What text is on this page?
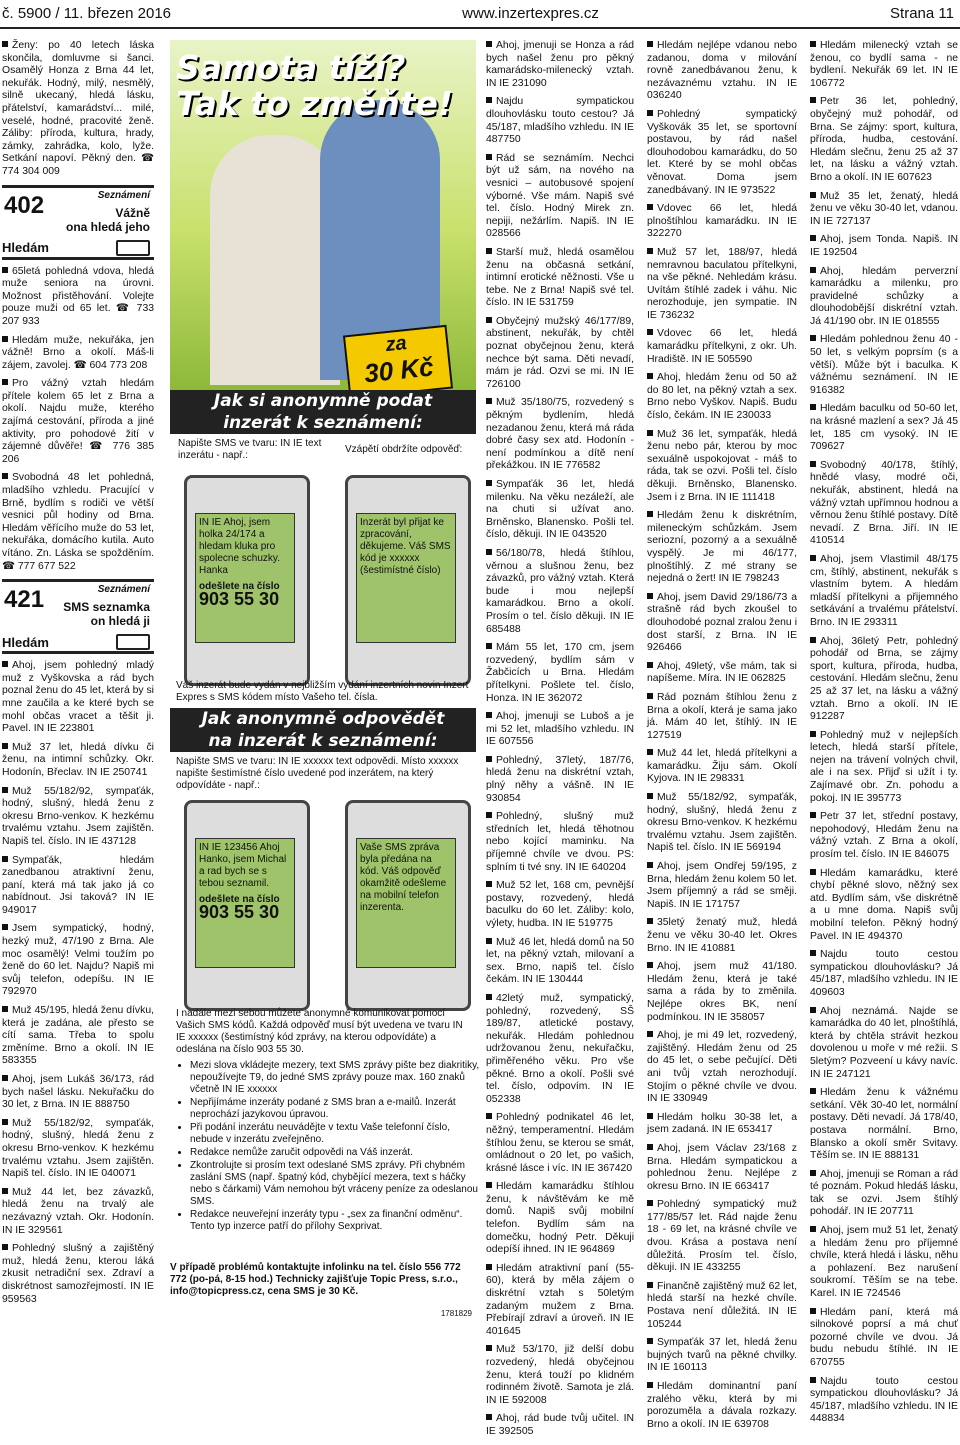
č. 5900 / 11. březen 2016	www.inzertexpres.cz	Strana 11
Ženy: po 40 letech láska skončila, domluvme si šanci. Osamělý Honza z Brna 44 let, nekuřák. Hodný, milý, nesmělý, silně ukecaný, hledá lásku, přátelství, kamarádství... milé, veselé, hodné, pracovité ženě. Záliby: příroda, kultura, hrady, zámky, zahrádka, kolo, lyže. Setkání napoví. Pěkný den. ☎ 774 304 009
402	Seznámení
Vážně
ona hledá jeho
Hledám
65letá pohledná vdova, hledá muže seniora na úrovni. Možnost přistěhování. Volejte pouze muži od 65 let. ☎ 733 207 933
Hledám muže, nekuřáka, jen vážně! Brno a okolí. Máš-li zájem, zavolej. ☎ 604 773 208
Pro vážný vztah hledám přítele kolem 65 let z Brna a okolí. Najdu muže, kterého zajímá cestování, příroda a jiné aktivity, pro pohodové žití v zájemné důvěře! ☎ 776 385 206
Svobodná 48 let pohledná, mladšího vzhledu. Pracující v Brně, bydlím s rodiči ve větší vesnici půl hodiny od Brna. Hledám věřícího muže do 53 let, nekuřáka, domácího kutila. Auto vítáno. Zn. Láska se spožděním. ☎ 777 677 522
421	Seznámení
SMS seznamka
on hledá ji
Hledám
Ahoj, jsem pohledný mladý muž z Vyškovska a rád bych poznal ženu do 45 let, která by si mne zaučila a ke které bych se mohl občas vracet a těšit ji. Pavel. IN IE 223801
Muž 37 let, hledá dívku či ženu, na intimní schůzky. Okr. Hodonín, Břeclav. IN IE 250741
Muž 55/182/92, sympaťák, hodný, slušný, hledá ženu z okresu Brno-venkov. K hezkému trvalému vztahu. Jsem zajištěn. Napiš tel. číslo. IN IE 437128
Sympaťák, hledám zanedbanou atraktivní ženu, paní, která má tak jako já co nabídnout. Jsi taková? IN IE 949017
Jsem sympatický, hodný, hezký muž, 47/190 z Brna. Ale moc osamělý! Velmi toužím po ženě do 60 let. Najdu? Napiš mi svůj telefon, odepíšu. IN IE 792970
Muž 45/195, hledá ženu dívku, která je zadána, ale přesto se cítí sama. Třeba to spolu změníme. Brno a okolí. IN IE 583355
Ahoj, jsem Lukáš 36/173, rád bych našel lásku. Nekuřačku do 30 let, z Brna. IN IE 888750
Muž 55/182/92, sympaťák, hodný, slušný, hledá ženu z okresu Brno-venkov. K hezkému trvalému vztahu. Jsem zajištěn. Napiš tel. číslo. IN IE 040071
Muž 44 let, bez závazků, hledá ženu na trvalý ale nezávazný vztah. Okr. Hodonín. IN IE 329561
Pohledný slušný a zajištěný muž, hledá ženu, kterou láká zkusit netradiční sex. Zdraví a diskrétnost samozřejmostí. IN IE 959563
Samota tíží?
Tak to změňte!
za
30 Kč
Jak si anonymně podat
inzerát k seznámení:
Napište SMS ve tvaru: IN IE text inzerátu - např.:
Vzápětí obdržíte odpověď:
IN IE Ahoj, jsem holka 24/174 a hledam kluka pro spolecne schuzky. Hanka
odešlete na číslo
903 55 30
Inzerát byl přijat ke zpracování, děkujeme. Váš SMS kód je xxxxxx (šestimístné číslo)
Váš inzerát bude vydán v nejbližším vydání inzertních novin Inzert Expres s SMS kódem místo Vašeho tel. čísla.
Jak anonymně odpovědět
na inzerát k seznámení:
Napište SMS ve tvaru: IN IE xxxxxx text odpovědi. Místo xxxxxx napište šestimístné číslo uvedené pod inzerátem, na který odpovídáte - např.:
IN IE 123456 Ahoj Hanko, jsem Michal a rad bych se s tebou seznamil.
odešlete na číslo
903 55 30
Vaše SMS zpráva byla předána na kód. Váš odpověď okamžitě odešleme na mobilní telefon inzerenta.
I nadále mezi sebou můžete anonymně komunikovat pomocí Vašich SMS kódů. Každá odpověď musí být uvedena ve tvaru IN IE xxxxxx (šestimístný kód zprávy, na kterou odpovídáte) a odeslána na číslo 903 55 30.
• Mezi slova vkládejte mezery, text SMS zprávy pište bez diakritiky, nepoužívejte T9, do jedné SMS zprávy pouze max. 160 znaků včetně IN IE xxxxxx
• Nepřijímáme inzeráty podané z SMS bran a e-mailů. Inzerát neprochází jazykovou úpravou.
• Při podání inzerátu neuvádějte v textu Vaše telefonní číslo, nebude v inzerátu zveřejněno.
• Redakce nemůže zaručit odpovědi na Váš inzerát.
• Zkontrolujte si prosím text odeslané SMS zprávy. Při chybném zaslání SMS (např. špatný kód, chybějící mezera, text s háčky nebo s čárkami) Vám nemohou být vráceny peníze za odeslanou SMS.
• Redakce neuveřejní inzeráty typu - „sex za finanční odměnu“. Tento typ inzerce patří do přílohy Sexprivat.
V případě problémů kontaktujte infolinku na tel. číslo 556 772 772 (po-pá, 8-15 hod.) Technicky zajišťuje Topic Press, s.r.o., info@topicpress.cz, cena SMS je 30 Kč.
1781829
Ahoj, jmenuji se Honza a rád bych našel ženu pro pěkný kamarádsko-milenecký vztah. IN IE 231090
Najdu sympatickou dlouhovlásku touto cestou? Já 45/187, mladšího vzhledu. IN IE 487750
Rád se seznámím. Nechci být už sám, na nového na vesnici – autobusové spojení výborné. Vše mám. Napiš své tel. číslo. Hodný Mirek zn. nepiji, nežárlím. Napiš. IN IE 028566
Starší muž, hledá osamělou ženu na občasná setkání, intimní erotické něžnosti. Vše u tebe. Ne z Brna! Napiš své tel. číslo. IN IE 531759
Obyčejný mužský 46/177/89, abstinent, nekuřák, by chtěl poznat obyčejnou ženu, která nechce být sama. Děti nevadí, mám je rád. Ozvi se mi. IN IE 726100
Muž 35/180/75, rozvedený s pěkným bydlením, hledá nezadanou ženu, která má ráda dobré časy sex atd. Hodonín - není podmínkou a dítě není překážkou. IN IE 776582
Sympaťák 36 let, hledá milenku. Na věku nezáleží, ale na chuti si užívat ano. Brněnsko, Blanensko. Pošli tel. číslo, děkuji. IN IE 043520
56/180/78, hledá štíhlou, věrnou a slušnou ženu, bez závazků, pro vážný vztah. Která bude i mou nejlepší kamarádkou. Brno a okolí. Prosím o tel. číslo děkuji. IN IE 685488
Mám 55 let, 170 cm, jsem rozvedený, bydlím sám v Žabčicích u Brna. Hledám přítelkyni. Pošlete tel. číslo, Honza. IN IE 362072
Ahoj, jmenuji se Luboš a je mi 52 let, mladšího vzhledu. IN IE 607556
Pohledný, 37letý, 187/76, hledá ženu na diskrétní vztah, plný něhy a vášně. IN IE 930854
Pohledný, slušný muž středních let, hledá těhotnou nebo kojící maminku. Na příjemné chvíle ve dvou. PS: splním ti tvé sny. IN IE 640204
Muž 52 let, 168 cm, pevnější postavy, rozvedený, hledá baculku do 60 let. Záliby: kolo, výlety, hudba. IN IE 519775
Muž 46 let, hledá domů na 50 let, na pěkný vztah, milovaní a sex. Brno, napiš tel. číslo čekám. IN IE 130444
42letý muž, sympatický, pohledný, rozvedený, SŠ 189/87, atletické postavy, nekuřák. Hledám pohlednou udržovanou ženu, nekuřačku, přiměřeného věku. Pro vše pěkné. Brno a okolí. Pošli své tel. číslo, odpovím. IN IE 052338
Pohledný podnikatel 46 let, něžný, temperamentní. Hledám štíhlou ženu, se kterou se smát, omládnout o 20 let, po vašich, krásné lásce i víc. IN IE 367420
Hledám kamarádku štíhlou ženu, k návštěvám ke mě domů. Napiš svůj mobilní telefon. Bydlím sám na domečku, hodný Petr. Děkuji odepíší ihned. IN IE 964869
Hledám atraktivní paní (55-60), která by měla zájem o diskrétní vztah s 50letým zadaným mužem z Brna. Přebírají zdraví a úroveň. IN IE 401645
Muž 53/170, již delší dobu rozvedený, hledá obyčejnou ženu, která touží po klidném rodinném životě. Samota je zlá. IN IE 592008
Ahoj, rád bude tvůj učitel. IN IE 392505
Hledám nejlépe vdanou nebo zadanou, doma v milování rovně zanedbávanou ženu, k nezávaznému vztahu. IN IE 036240
Pohledný sympatický Vyškovák 35 let, se sportovní postavou, by rád našel dlouhodobou kamarádku, do 50 let. Které by se mohl občas věnovat. Doma jsem zanedbávaný. IN IE 973522
Vdovec 66 let, hledá plnoštíhlou kamarádku. IN IE 322270
Muž 57 let, 188/97, hledá nemravnou baculatou přítelkyni, na vše pěkné. Nehledám krásu. Uvítám štíhlé zadek i váhu. Nic nerozhoduje, jen sympatie. IN IE 736232
Vdovec 66 let, hledá kamarádku přítelkyni, z okr. Uh. Hradiště. IN IE 505590
Ahoj, hledám ženu od 50 až do 80 let, na pěkný vztah a sex. Brno nebo Vyškov. Napiš. Budu číslo, čekám. IN IE 230033
Muž 36 let, sympaťák, hledá ženu nebo pár, kterou by moc sexuálně uspokojovat - máš to ráda, tak se ozvi. Pošli tel. číslo děkuji. Brněnsko, Blanensko. Jsem i z Brna. IN IE 111418
Hledám ženu k diskrétním, mileneckým schůzkám. Jsem seriozní, pozorný a a sexuálně vyspělý. Je mi 46/177, plnoštíhlý. Z mé strany se nejedná o žert! IN IE 798243
Ahoj, jsem David 29/186/73 a strašně rád bych zkoušel to dlouhodobé poznal zralou ženu i dost starší, z Brna. IN IE 926466
Ahoj, 49letý, vše mám, tak si napíšeme. Míra. IN IE 062825
Rád poznám štíhlou ženu z Brna a okolí, která je sama jako já. Mám 40 let, štíhlý. IN IE 127519
Muž 44 let, hledá přítelkyni a kamarádku. Žiju sám. Okolí Kyjova. IN IE 298331
Muž 55/182/92, sympaťák, hodný, slušný, hledá ženu z okresu Brno-venkov. K hezkému trvalému vztahu. Jsem zajištěn. Napiš tel. číslo. IN IE 569194
Ahoj, jsem Ondřej 59/195, z Brna, hledám ženu kolem 50 let. Jsem příjemný a rád se směji. Napiš. IN IE 171757
35letý ženatý muž, hledá ženu ve věku 30-40 let. Okres Brno. IN IE 410881
Ahoj, jsem muž 41/180. Hledám ženu, která je také sama a ráda by to změnila. Nejlépe okres BK, není podmínkou. IN IE 358057
Ahoj, je mi 49 let, rozvedený, zajištěný. Hledám ženu od 25 do 45 let, o sebe pečující. Děti ani tvůj vztah nerozhodují. Stojím o pěkné chvíle ve dvou. IN IE 330949
Hledám holku 30-38 let, a jsem zadaná. IN IE 653417
Ahoj, jsem Václav 23/168 z Brna. Hledám sympatickou a pohlednou ženu. Nejlépe z okresu Brno. IN IE 663417
Pohledný sympatický muž 177/85/57 let. Rád najde ženu 18 - 69 let, na krásné chvíle ve dvou. Krása a postava není důležitá. Prosím tel. číslo, děkuji. IN IE 433255
Finančně zajištěný muž 62 let, hledá starší na hezké chvíle. Postava není důležitá. IN IE 105244
Sympaťák 37 let, hledá ženu bujných tvarů na pěkné chvilky. IN IE 160113
Hledám dominantní paní zralého věku, která by mi porozuměla a dávala rozkazy. Brno a okolí. IN IE 639708
Hledám milenecký vztah se ženou, co bydlí sama - ne bydlení. Nekuřák 69 let. IN IE 106772
Petr 36 let, pohledný, obyčejný muž pohodář, od Brna. Se zájmy: sport, kultura, příroda, hudba, cestování. Hledám slečnu, ženu 25 až 37 let, na lásku a vážný vztah. Brno a okolí. IN IE 607623
Muž 35 let, ženatý, hledá ženu ve věku 30-40 let, vdanou. IN IE 727137
Ahoj, jsem Tonda. Napiš. IN IE 192504
Ahoj, hledám perverzní kamarádku a milenku, pro pravidelné schůzky a dlouhodobější diskrétní vztah. Já 41/190 obr. IN IE 018555
Hledám pohlednou ženu 40 - 50 let, s velkým poprsím (s a větší). Může být i baculka. K vážnému seznámení. IN IE 916382
Hledám baculku od 50-60 let, na krásné mazlení a sex? Já 45 let, 185 cm vysoký. IN IE 709627
Svobodný 40/178, štíhlý, hnědé vlasy, modré oči, nekuřák, abstinent, hledá na vážný vztah upřímnou hodnou a věrnou ženu štíhlé postavy. Dítě nevadí. Z Brna. Jiří. IN IE 410514
Ahoj, jsem Vlastimil 48/175 cm, štíhlý, abstinent, nekuřák s vlastním bytem. A hledám mladší přítelkyni a přijemného setkávání a trvalému přátelství. Brno. IN IE 293311
Ahoj, 36letý Petr, pohledný pohodář od Brna, se zájmy sport, kultura, příroda, hudba, cestování. Hledám slečnu, ženu 25 až 37 let, na lásku a vážný vztah. Brno a okolí. IN IE 912287
Pohledný muž v nejlepších letech, hledá starší přítele, nejen na trávení volných chvil, ale i na sex. Přijď si užít i ty. Zajímavé obr. Zn. pohodu a pokoj. IN IE 395773
Petr 37 let, střední postavy, nepohodový, Hledám ženu na vážný vztah. Z Brna a okolí, prosím tel. číslo. IN IE 846075
Hledám kamarádku, které chybí pěkné slovo, něžný sex atd. Bydlím sám, vše diskrétně a u mne doma. Napiš svůj mobilní telefon. Pěkný hodný Pavel. IN IE 494370
Najdu touto cestou sympatickou dlouhovlásku? Já 45/187, mladšího vzhledu. IN IE 409603
Ahoj neznámá. Najde se kamarádka do 40 let, plnoštíhlá, která by chtěla strávit hezkou dovolenou u moře v mé režii. S 5letým? Pozveení u kávy navíc. IN IE 247121
Hledám ženu k vážnému setkání. Věk 30-40 let, normální postavy. Děti nevadí. Já 178/40, postava normální. Brno, Blansko a okolí směr Svitavy. Těším se. IN IE 888131
Ahoj, jmenuji se Roman a rád té poznám. Pokud hledáš lásku, tak se ozvi. Jsem štíhlý pohodář. IN IE 207711
Ahoj, jsem muž 51 let, ženatý a hledám ženu pro příjemné chvíle, která hledá i lásku, něhu a pohlazení. Bez narušení soukromí. Těším se na tebe. Karel. IN IE 724546
Hledám paní, která má silnokové poprsí a má chuť pozorné chvíle ve dvou. Já budu nebudu štíhlé. IN IE 670755
Najdu touto cestou sympatickou dlouhovlásku? Já 45/187, mladšího vzhledu. IN IE 448834
